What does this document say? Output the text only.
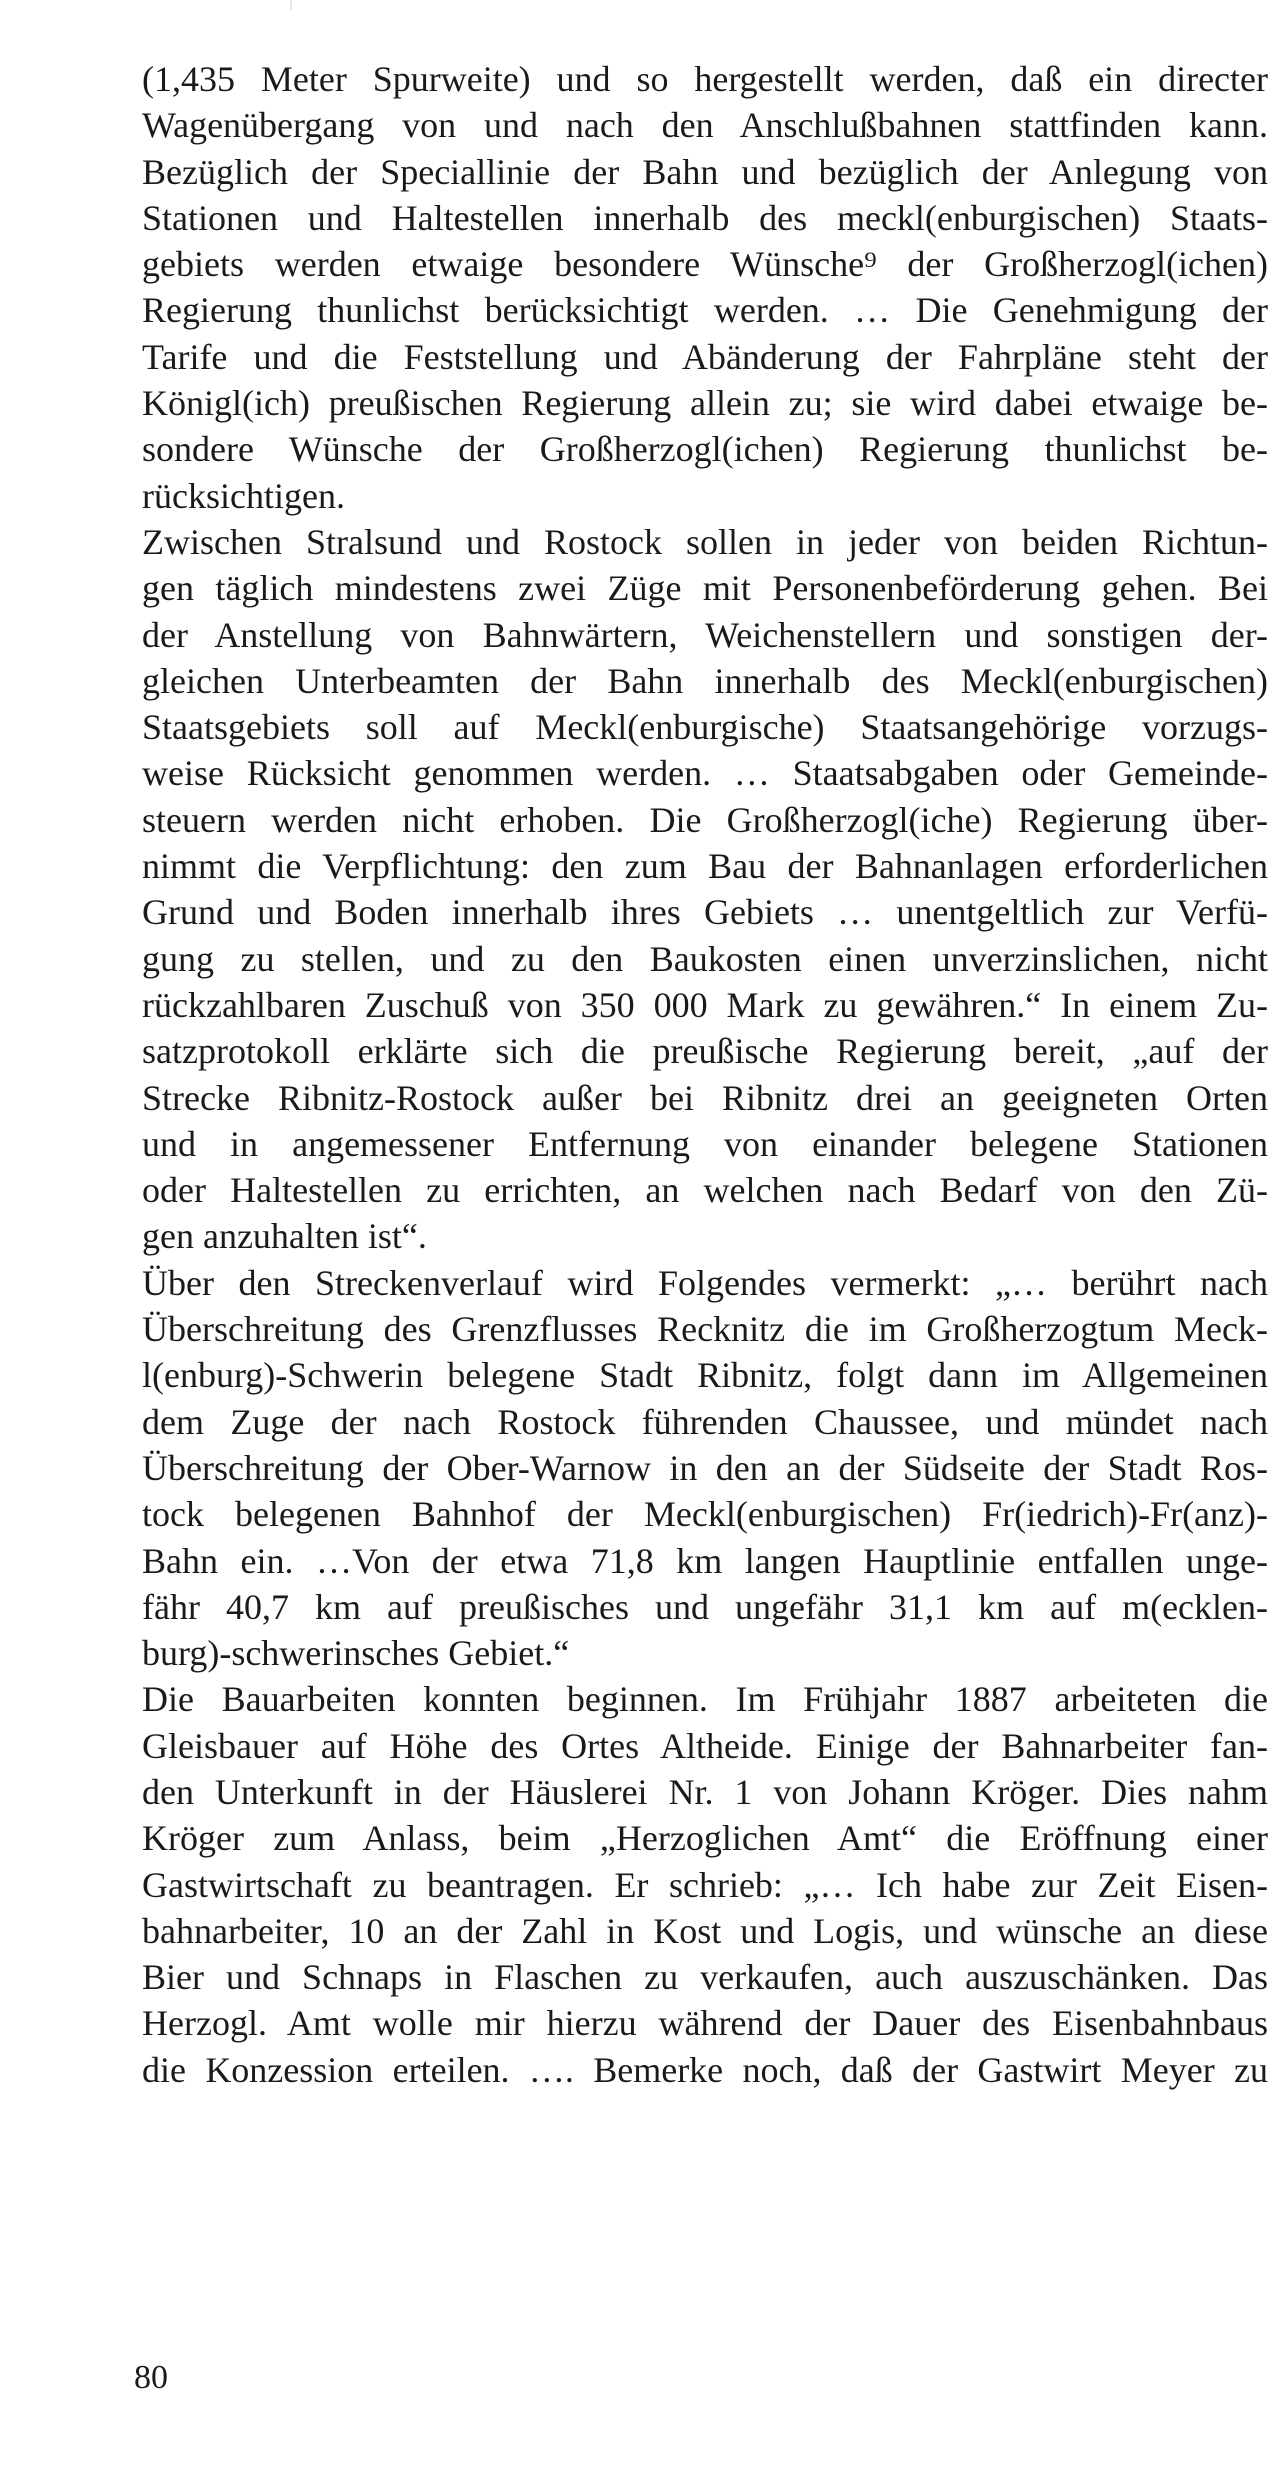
(1,435 Meter Spurweite) und so hergestellt werden, daß ein directer
Wagenübergang von und nach den Anschlußbahnen stattfinden kann.
Bezüglich der Speciallinie der Bahn und bezüglich der Anlegung von
Stationen und Haltestellen innerhalb des meckl(enburgischen) Staats-
gebiets werden etwaige besondere Wünsche⁹ der Großherzogl(ichen)
Regierung thunlichst berücksichtigt werden. … Die Genehmigung der
Tarife und die Feststellung und Abänderung der Fahrpläne steht der
Königl(ich) preußischen Regierung allein zu; sie wird dabei etwaige be-
sondere Wünsche der Großherzogl(ichen) Regierung thunlichst be-
rücksichtigen.
Zwischen Stralsund und Rostock sollen in jeder von beiden Richtun-
gen täglich mindestens zwei Züge mit Personenbeförderung gehen. Bei
der Anstellung von Bahnwärtern, Weichenstellern und sonstigen der-
gleichen Unterbeamten der Bahn innerhalb des Meckl(enburgischen)
Staatsgebiets soll auf Meckl(enburgische) Staatsangehörige vorzugs-
weise Rücksicht genommen werden. … Staatsabgaben oder Gemeinde-
steuern werden nicht erhoben. Die Großherzogl(iche) Regierung über-
nimmt die Verpflichtung: den zum Bau der Bahnanlagen erforderlichen
Grund und Boden innerhalb ihres Gebiets … unentgeltlich zur Verfü-
gung zu stellen, und zu den Baukosten einen unverzinslichen, nicht
rückzahlbaren Zuschuß von 350 000 Mark zu gewähren.“ In einem Zu-
satzprotokoll erklärte sich die preußische Regierung bereit, „auf der
Strecke Ribnitz-Rostock außer bei Ribnitz drei an geeigneten Orten
und in angemessener Entfernung von einander belegene Stationen
oder Haltestellen zu errichten, an welchen nach Bedarf von den Zü-
gen anzuhalten ist“.
Über den Streckenverlauf wird Folgendes vermerkt: „… berührt nach
Überschreitung des Grenzflusses Recknitz die im Großherzogtum Meck-
l(enburg)-Schwerin belegene Stadt Ribnitz, folgt dann im Allgemeinen
dem Zuge der nach Rostock führenden Chaussee, und mündet nach
Überschreitung der Ober-Warnow in den an der Südseite der Stadt Ros-
tock belegenen Bahnhof der Meckl(enburgischen) Fr(iedrich)-Fr(anz)-
Bahn ein. …Von der etwa 71,8 km langen Hauptlinie entfallen unge-
fähr 40,7 km auf preußisches und ungefähr 31,1 km auf m(ecklen-
burg)-schwerinsches Gebiet.“
Die Bauarbeiten konnten beginnen. Im Frühjahr 1887 arbeiteten die
Gleisbauer auf Höhe des Ortes Altheide. Einige der Bahnarbeiter fan-
den Unterkunft in der Häuslerei Nr. 1 von Johann Kröger. Dies nahm
Kröger zum Anlass, beim „Herzoglichen Amt“ die Eröffnung einer
Gastwirtschaft zu beantragen. Er schrieb: „… Ich habe zur Zeit Eisen-
bahnarbeiter, 10 an der Zahl in Kost und Logis, und wünsche an diese
Bier und Schnaps in Flaschen zu verkaufen, auch auszuschänken. Das
Herzogl. Amt wolle mir hierzu während der Dauer des Eisenbahnbaus
die Konzession erteilen. …. Bemerke noch, daß der Gastwirt Meyer zu
80
